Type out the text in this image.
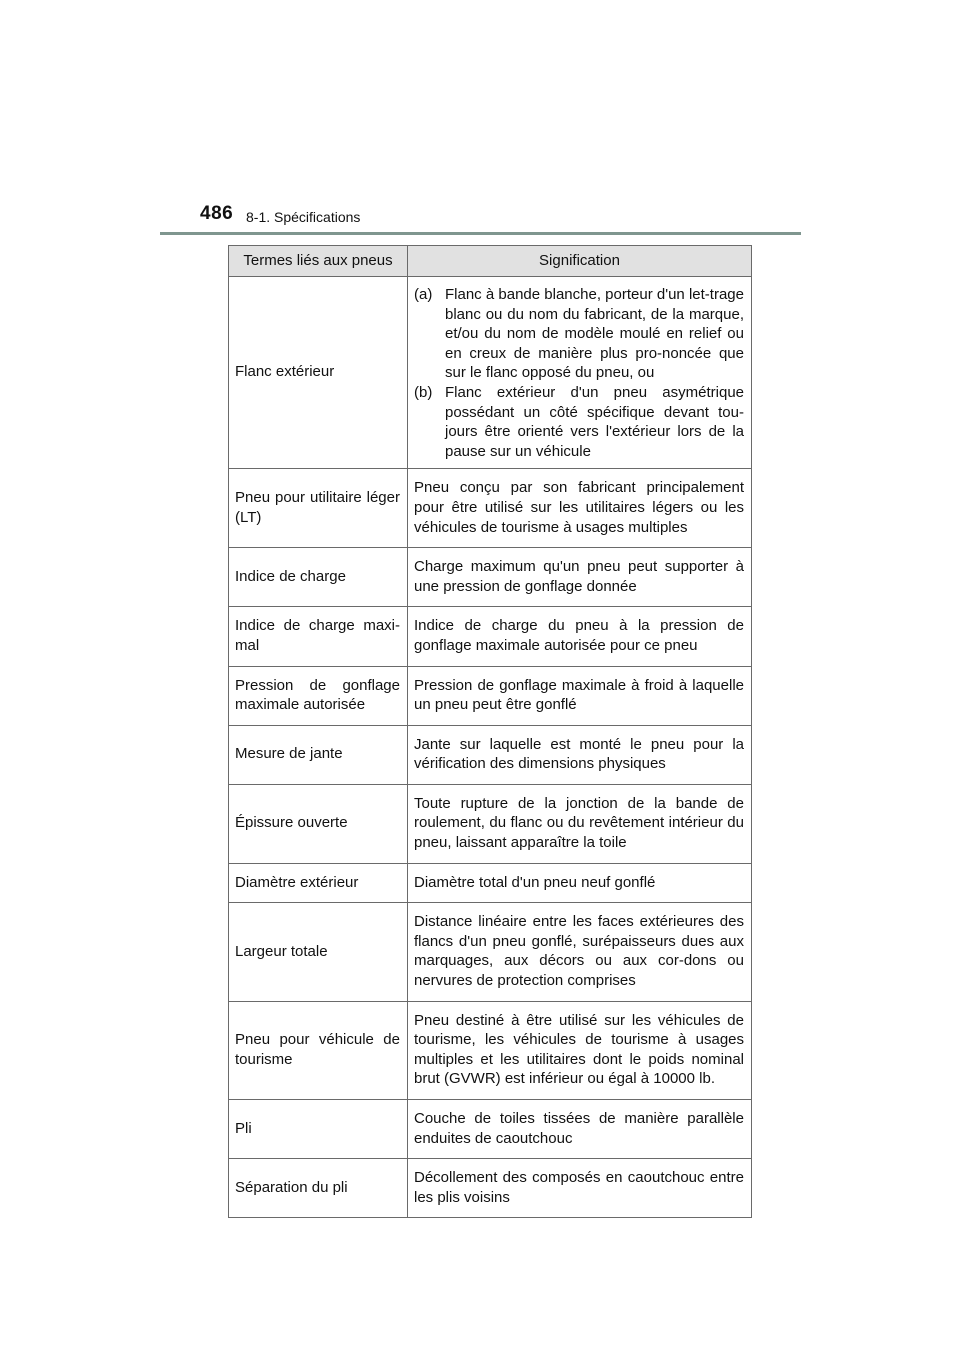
486 8-1. Spécifications
Termes liés aux pneus	Signification
Flanc extérieur	(a) Flanc à bande blanche, porteur d'un let-trage blanc ou du nom du fabricant, de la marque, et/ou du nom de modèle moulé en relief ou en creux de manière plus pro-noncée que sur le flanc opposé du pneu, ou
(b) Flanc extérieur d'un pneu asymétrique possédant un côté spécifique devant tou-jours être orienté vers l'extérieur lors de la pause sur un véhicule

Pneu pour utilitaire léger (LT)	Pneu conçu par son fabricant principalement pour être utilisé sur les utilitaires légers ou les véhicules de tourisme à usages multiples
Indice de charge	Charge maximum qu'un pneu peut supporter à une pression de gonflage donnée
Indice de charge maxi-mal	Indice de charge du pneu à la pression de gonflage maximale autorisée pour ce pneu
Pression de gonflage maximale autorisée	Pression de gonflage maximale à froid à laquelle un pneu peut être gonflé
Mesure de jante	Jante sur laquelle est monté le pneu pour la vérification des dimensions physiques
Épissure ouverte	Toute rupture de la jonction de la bande de roulement, du flanc ou du revêtement intérieur du pneu, laissant apparaître la toile
Diamètre extérieur	Diamètre total d'un pneu neuf gonflé
Largeur totale	Distance linéaire entre les faces extérieures des flancs d'un pneu gonflé, surépaisseurs dues aux marquages, aux décors ou aux cor-dons ou nervures de protection comprises
Pneu pour véhicule de tourisme	Pneu destiné à être utilisé sur les véhicules de tourisme, les véhicules de tourisme à usages multiples et les utilitaires dont le poids nominal brut (GVWR) est inférieur ou égal à 10000 lb.
Pli	Couche de toiles tissées de manière parallèle enduites de caoutchouc
Séparation du pli	Décollement des composés en caoutchouc entre les plis voisins
